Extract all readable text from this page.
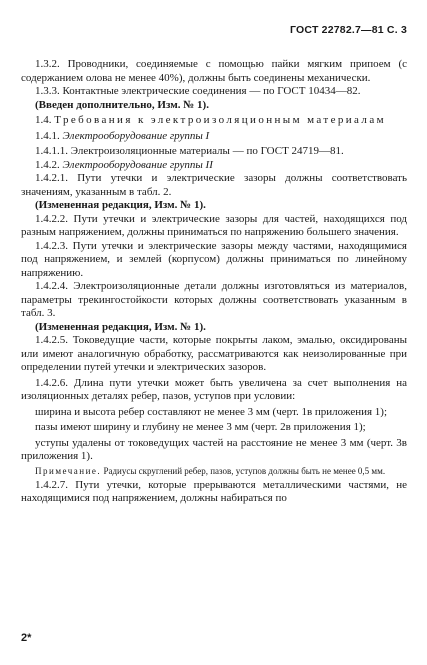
ГОСТ 22782.7—81 С. 3

1.3.2. Проводники, соединяемые с помощью пайки мягким припоем (с содержанием олова не менее 40%), должны быть соединены механически.

1.3.3. Контактные электрические соединения — по ГОСТ 10434—82.

(Введен дополнительно, Изм. № 1).

1.4. Требования к электроизоляционным материалам

1.4.1. Электрооборудование группы I

1.4.1.1. Электроизоляционные материалы — по ГОСТ 24719—81.

1.4.2. Электрооборудование группы II

1.4.2.1. Пути утечки и электрические зазоры должны соответствовать значениям, указанным в табл. 2.

(Измененная редакция, Изм. № 1).

1.4.2.2. Пути утечки и электрические зазоры для частей, находящихся под разным напряжением, должны приниматься по напряжению большего значения.

1.4.2.3. Пути утечки и электрические зазоры между частями, находящимися под напряжением, и землей (корпусом) должны приниматься по линейному напряжению.

1.4.2.4. Электроизоляционные детали должны изготовляться из материалов, параметры трекингостойкости которых должны соответствовать указанным в табл. 3.

(Измененная редакция, Изм. № 1).

1.4.2.5. Токоведущие части, которые покрыты лаком, эмалью, оксидированы или имеют аналогичную обработку, рассматриваются как неизолированные при определении путей утечки и электрических зазоров.

1.4.2.6. Длина пути утечки может быть увеличена за счет выполнения на изоляционных деталях ребер, пазов, уступов при условии:

ширина и высота ребер составляют не менее 3 мм (черт. 1в приложения 1);

пазы имеют ширину и глубину не менее 3 мм (черт. 2в приложения 1);

уступы удалены от токоведущих частей на расстояние не менее 3 мм (черт. 3в приложения 1).

Примечание. Радиусы скруглений ребер, пазов, уступов должны быть не менее 0,5 мм.

1.4.2.7. Пути утечки, которые прерываются металлическими частями, не находящимися под напряжением, должны набираться по

2*
